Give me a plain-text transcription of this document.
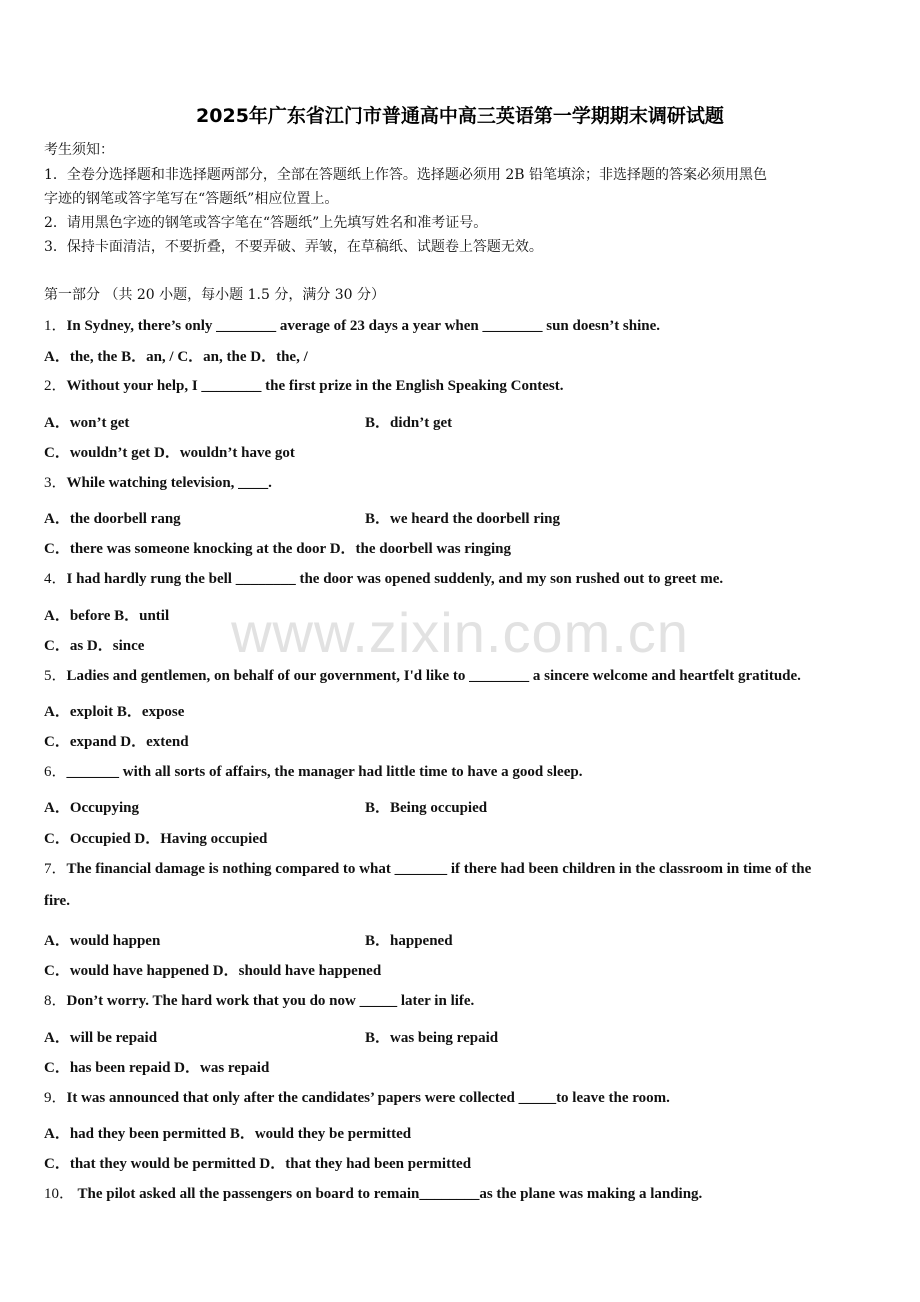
2025年广东省江门市普通高中高三英语第一学期期末调研试题
考生须知：
1．全卷分选择题和非选择题两部分，全部在答题纸上作答。选择题必须用 2B 铅笔填涂；非选择题的答案必须用黑色
字迹的钢笔或答字笔写在“答题纸”相应位置上。
2．请用黑色字迹的钢笔或答字笔在“答题纸”上先填写姓名和准考证号。
3．保持卡面清洁，不要折叠，不要弄破、弄皱，在草稿纸、试题卷上答题无效。
第一部分 （共 20 小题，每小题 1.5 分，满分 30 分）
www.zixin.com.cn
1．In Sydney, there’s only ________ average of 23 days a year when ________ sun doesn’t shine.
A．the, the B．an, / C．an, the D．the, /
2．Without your help, I ________ the first prize in the English Speaking Contest.
A．won’t get	B．didn’t get
C．wouldn’t get D．wouldn’t have got
3．While watching television, ____.
A．the doorbell rang	B．we heard the doorbell ring
C．there was someone knocking at the door D．the doorbell was ringing
4．I had hardly rung the bell ________ the door was opened suddenly, and my son rushed out to greet me.
A．before B．until
C．as D．since
5．Ladies and gentlemen, on behalf of our government, I'd like to ________ a sincere welcome and heartfelt gratitude.
A．exploit B．expose
C．expand D．extend
6．_______ with all sorts of affairs, the manager had little time to have a good sleep.
A．Occupying	B．Being occupied
C．Occupied D．Having occupied
7．The financial damage is nothing compared to what _______ if there had been children in the classroom in time of the
fire.
A．would happen	B．happened
C．would have happened D．should have happened
8．Don’t worry. The hard work that you do now _____ later in life.
A．will be repaid	B．was being repaid
C．has been repaid D．was repaid
9．It was announced that only after the candidates’ papers were collected _____to leave the room.
A．had they been permitted B．would they be permitted
C．that they would be permitted D．that they had been permitted
10． The pilot asked all the passengers on board to remain________as the plane was making a landing.
